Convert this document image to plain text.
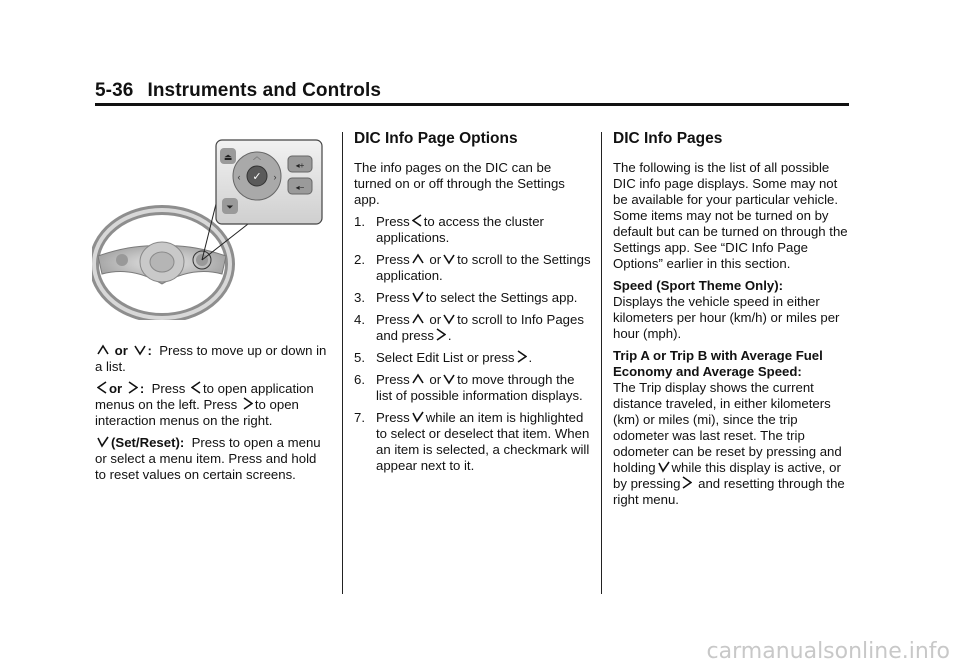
5-36 Instruments and Controls
⏏
⏷
✓
︿
‹	›
◂+
◂−

or : Press to move up or down in a list.

or : Press to open application menus on the left. Press to open interaction menus on the right.

(Set/Reset): Press to open a menu or select a menu item. Press and hold to reset values on certain screens.

DIC Info Page Options

The info pages on the DIC can be turned on or off through the Settings app.

1. Press to access the cluster applications.
2. Press or to scroll to the Settings application.
3. Press to select the Settings app.
4. Press or to scroll to Info Pages and press .
5. Select Edit List or press .
6. Press or to move through the list of possible information displays.
7. Press while an item is highlighted to select or deselect that item. When an item is selected, a checkmark will appear next to it.
DIC Info Pages

The following is the list of all possible DIC info page displays. Some may not be available for your particular vehicle. Some items may not be turned on by default but can be turned on through the Settings app. See “DIC Info Page Options” earlier in this section.

Speed (Sport Theme Only):
Displays the vehicle speed in either kilometers per hour (km/h) or miles per hour (mph).

Trip A or Trip B with Average Fuel Economy and Average Speed:
The Trip display shows the current distance traveled, in either kilometers (km) or miles (mi), since the trip odometer was last reset. The trip odometer can be reset by pressing and holding while this display is active, or by pressing and resetting through the right menu.

carmanualsonline.info
